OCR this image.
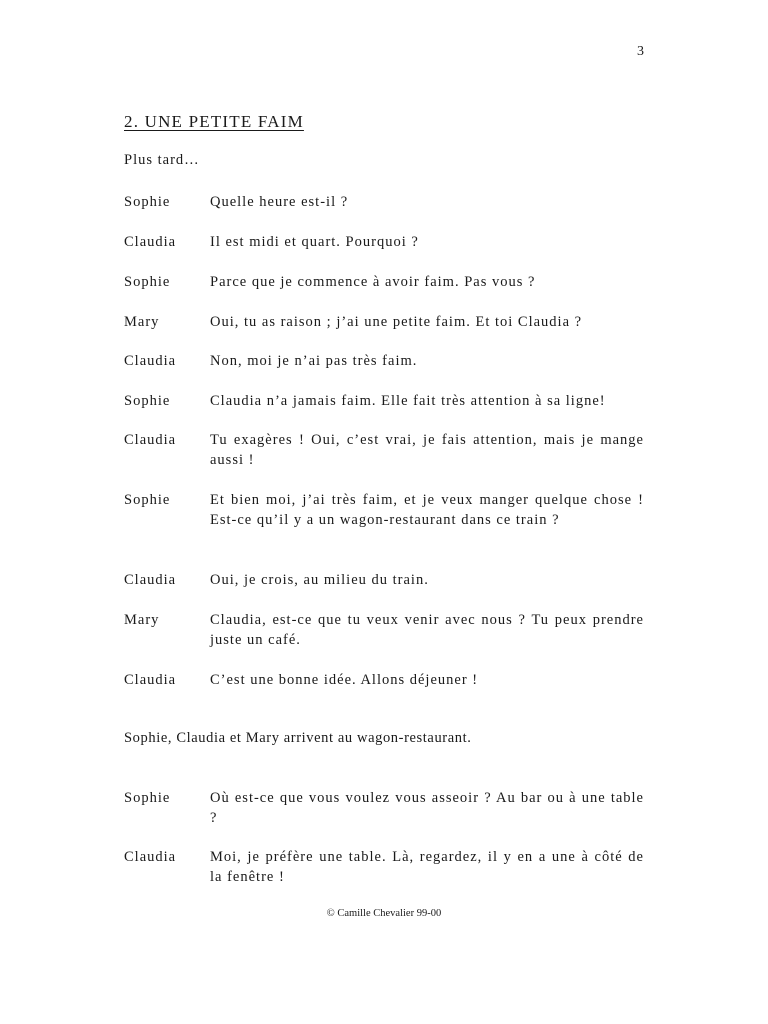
3
2. UNE PETITE FAIM
Plus tard…
Sophie	Quelle heure est-il ?
Claudia	Il est midi et quart. Pourquoi ?
Sophie	Parce que je commence à avoir faim. Pas vous ?
Mary	Oui, tu as raison ; j’ai une petite faim. Et toi Claudia ?
Claudia	Non, moi je n’ai pas très faim.
Sophie	Claudia n’a jamais faim. Elle fait très attention à sa ligne!
Claudia	Tu exagères ! Oui, c’est vrai, je fais attention, mais je mange aussi !
Sophie	Et bien moi, j’ai très faim, et je veux manger quelque chose ! Est-ce qu’il y a un wagon-restaurant dans ce train ?
Claudia	Oui, je crois, au milieu du train.
Mary	Claudia, est-ce que tu veux venir avec nous ? Tu peux prendre juste un café.
Claudia	C’est une bonne idée. Allons déjeuner !
Sophie, Claudia et Mary arrivent au wagon-restaurant.
Sophie	Où est-ce que vous voulez vous asseoir ? Au bar ou à une table ?
Claudia	Moi, je préfère une table. Là, regardez, il y en a une à côté de la fenêtre !
© Camille Chevalier 99-00
